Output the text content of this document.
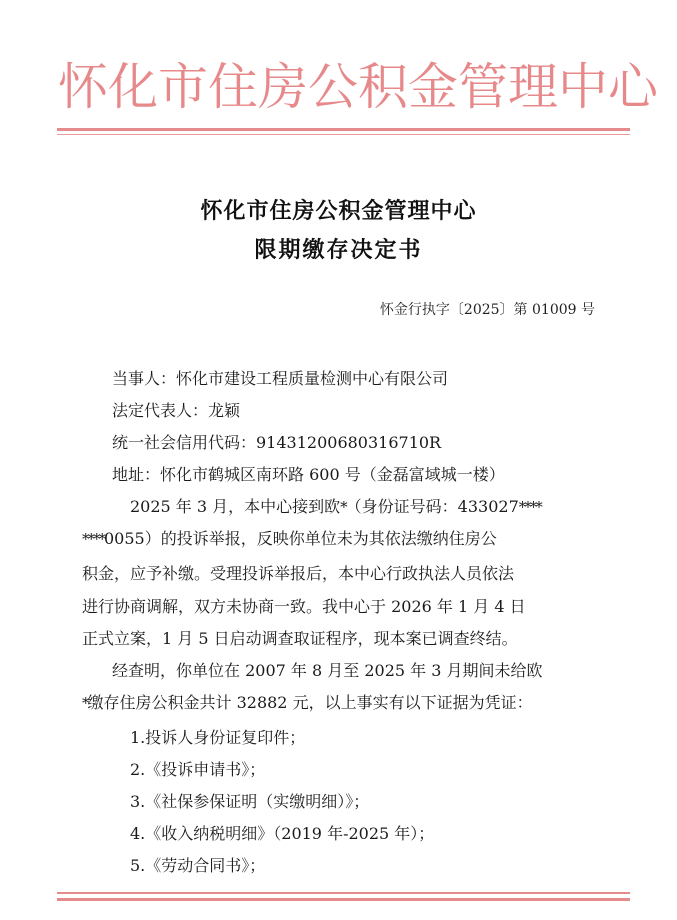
怀化市住房公积金管理中心
怀化市住房公积金管理中心
限期缴存决定书
怀金行执字〔2025〕第 01009 号
当事人：怀化市建设工程质量检测中心有限公司
法定代表人：龙颖
统一社会信用代码：91431200680316710R
地址：怀化市鹤城区南环路 600 号（金磊富域城一楼）
2025 年 3 月，本中心接到欧*（身份证号码：433027****
****0055）的投诉举报，反映你单位未为其依法缴纳住房公
积金，应予补缴。受理投诉举报后，本中心行政执法人员依法
进行协商调解，双方未协商一致。我中心于 2026 年 1 月 4 日
正式立案，1 月 5 日启动调查取证程序，现本案已调查终结。
经查明，你单位在 2007 年 8 月至 2025 年 3 月期间未给欧
*缴存住房公积金共计 32882 元，以上事实有以下证据为凭证：
1.投诉人身份证复印件；
2.《投诉申请书》；
3.《社保参保证明（实缴明细）》；
4.《收入纳税明细》（2019 年-2025 年）；
5.《劳动合同书》；
